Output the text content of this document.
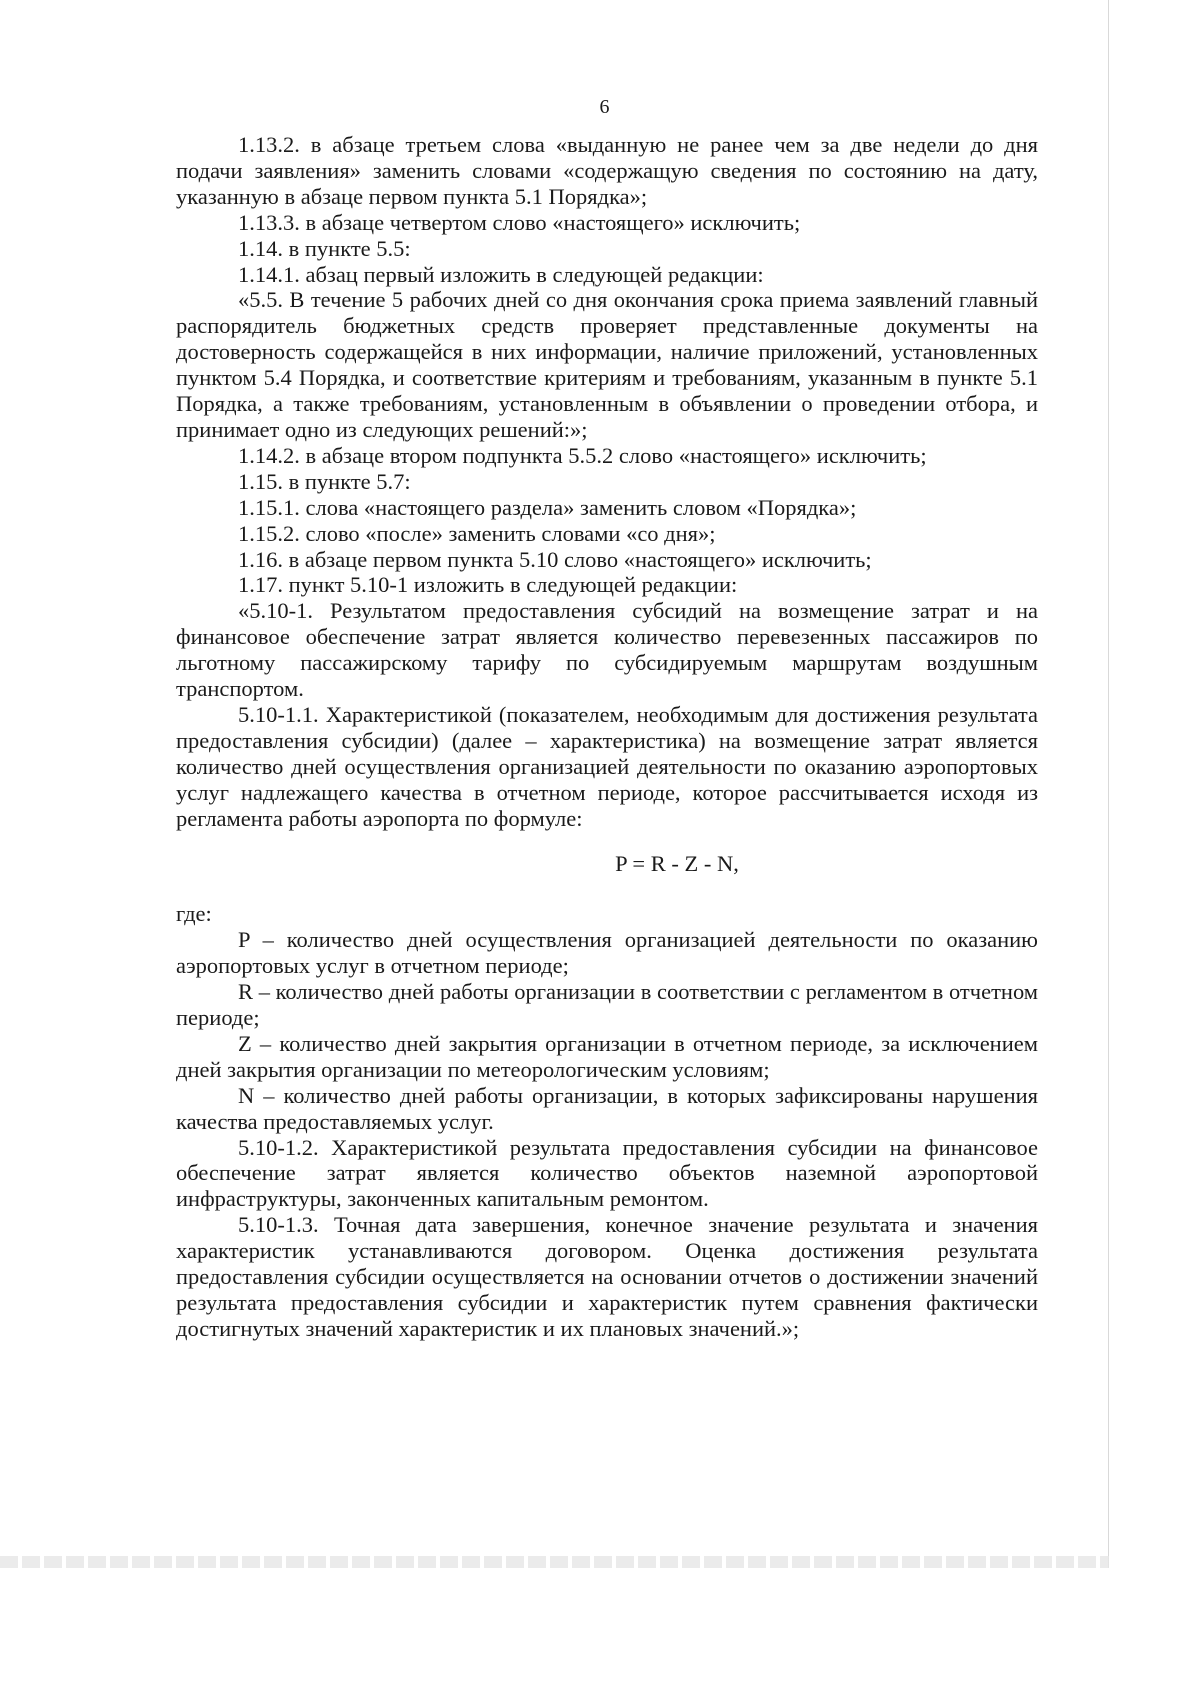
6

1.13.2. в абзаце третьем слова «выданную не ранее чем за две недели до дня подачи заявления» заменить словами «содержащую сведения по состоянию на дату, указанную в абзаце первом пункта 5.1 Порядка»;

1.13.3. в абзаце четвертом слово «настоящего» исключить;

1.14. в пункте 5.5:

1.14.1. абзац первый изложить в следующей редакции:

«5.5. В течение 5 рабочих дней со дня окончания срока приема заявлений главный распорядитель бюджетных средств проверяет представленные документы на достоверность содержащейся в них информации, наличие приложений, установленных пунктом 5.4 Порядка, и соответствие критериям и требованиям, указанным в пункте 5.1 Порядка, а также требованиям, установленным в объявлении о проведении отбора, и принимает одно из следующих решений:»;

1.14.2. в абзаце втором подпункта 5.5.2 слово «настоящего» исключить;

1.15. в пункте 5.7:

1.15.1. слова «настоящего раздела» заменить словом «Порядка»;

1.15.2. слово «после» заменить словами «со дня»;

1.16. в абзаце первом пункта 5.10 слово «настоящего» исключить;

1.17. пункт 5.10-1 изложить в следующей редакции:

«5.10-1. Результатом предоставления субсидий на возмещение затрат и на финансовое обеспечение затрат является количество перевезенных пассажиров по льготному пассажирскому тарифу по субсидируемым маршрутам воздушным транспортом.

5.10-1.1. Характеристикой (показателем, необходимым для достижения результата предоставления субсидии) (далее – характеристика) на возмещение затрат является количество дней осуществления организацией деятельности по оказанию аэропортовых услуг надлежащего качества в отчетном периоде, которое рассчитывается исходя из регламента работы аэропорта по формуле:

P = R - Z - N,

где:

P – количество дней осуществления организацией деятельности по оказанию аэропортовых услуг в отчетном периоде;

R – количество дней работы организации в соответствии с регламентом в отчетном периоде;

Z – количество дней закрытия организации в отчетном периоде, за исключением дней закрытия организации по метеорологическим условиям;

N – количество дней работы организации, в которых зафиксированы нарушения качества предоставляемых услуг.

5.10-1.2. Характеристикой результата предоставления субсидии на финансовое обеспечение затрат является количество объектов наземной аэропортовой инфраструктуры, законченных капитальным ремонтом.

5.10-1.3. Точная дата завершения, конечное значение результата и значения характеристик устанавливаются договором. Оценка достижения результата предоставления субсидии осуществляется на основании отчетов о достижении значений результата предоставления субсидии и характеристик путем сравнения фактически достигнутых значений характеристик и их плановых значений.»;
